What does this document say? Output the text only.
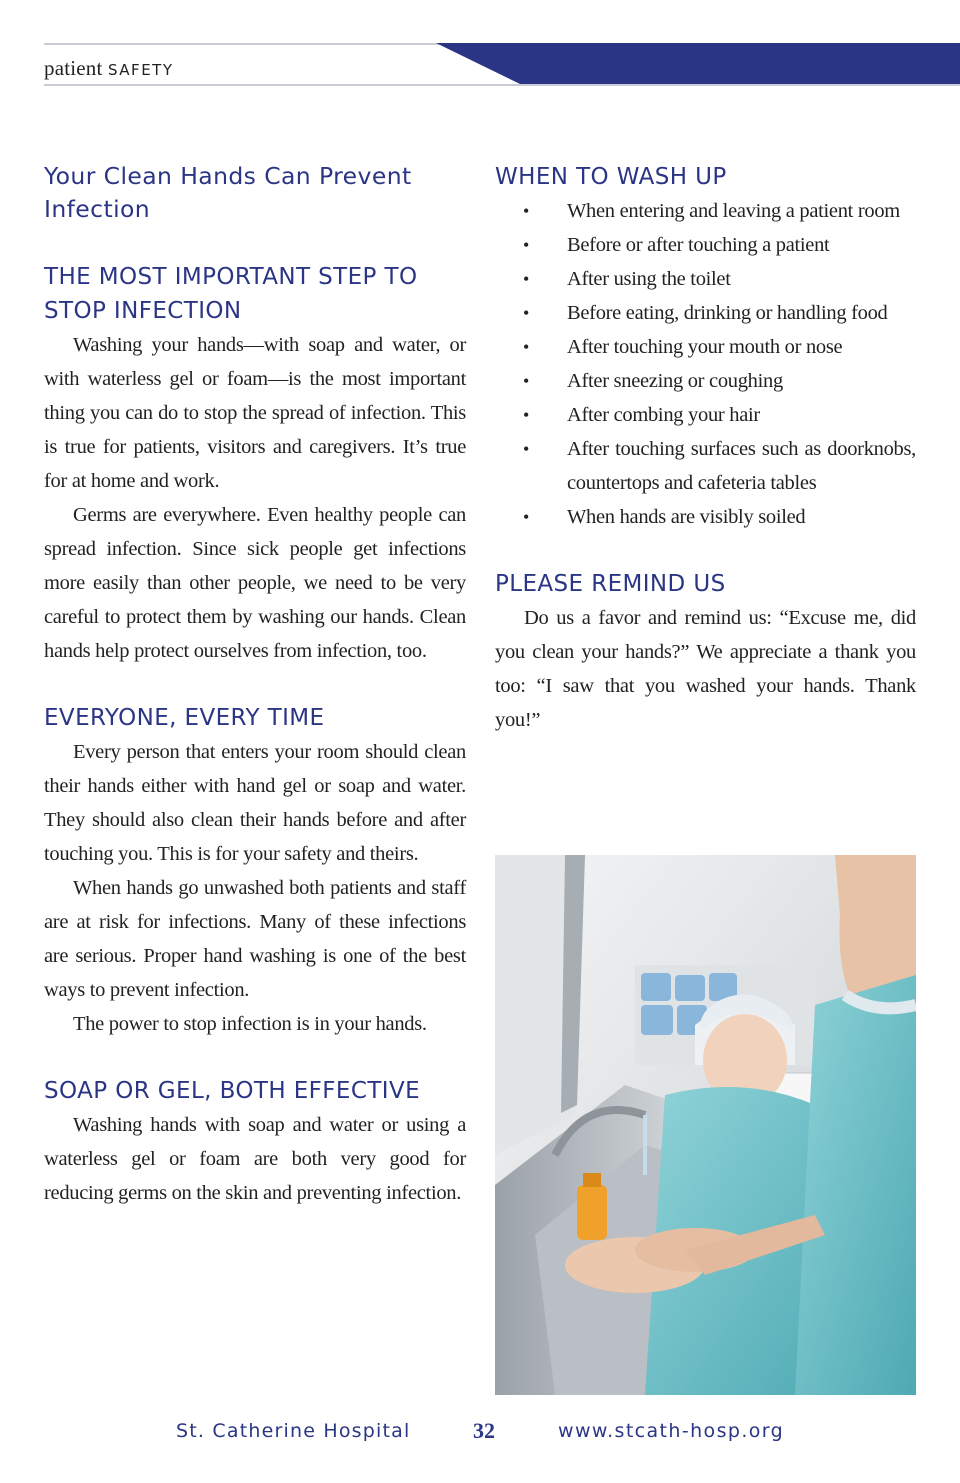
patient SAFETY
Your Clean Hands Can Prevent Infection
THE MOST IMPORTANT STEP TO STOP INFECTION

Washing your hands—with soap and water, or with waterless gel or foam—is the most important thing you can do to stop the spread of infection. This is true for patients, visitors and caregivers. It’s true for at home and work.

Germs are everywhere. Even healthy people can spread infection. Since sick people get infections more easily than other people, we need to be very careful to protect them by washing our hands. Clean hands help protect ourselves from infection, too.

EVERYONE, EVERY TIME

Every person that enters your room should clean their hands either with hand gel or soap and water. They should also clean their hands before and after touching you. This is for your safety and theirs.

When hands go unwashed both patients and staff are at risk for infections. Many of these infections are serious. Proper hand washing is one of the best ways to prevent infection.

The power to stop infection is in your hands.

SOAP OR GEL, BOTH EFFECTIVE

Washing hands with soap and water or using a waterless gel or foam are both very good for reducing germs on the skin and preventing infection.

WHEN TO WASH UP
• When entering and leaving a patient room
• Before or after touching a patient
• After using the toilet
• Before eating, drinking or handling food
• After touching your mouth or nose
• After sneezing or coughing
• After combing your hair
• After touching surfaces such as doorknobs, countertops and cafeteria tables
• When hands are visibly soiled
PLEASE REMIND US

Do us a favor and remind us: “Excuse me, did you clean your hands?” We appreciate a thank you too: “I saw that you washed your hands. Thank you!”

St. Catherine Hospital	32	www.stcath-hosp.org
